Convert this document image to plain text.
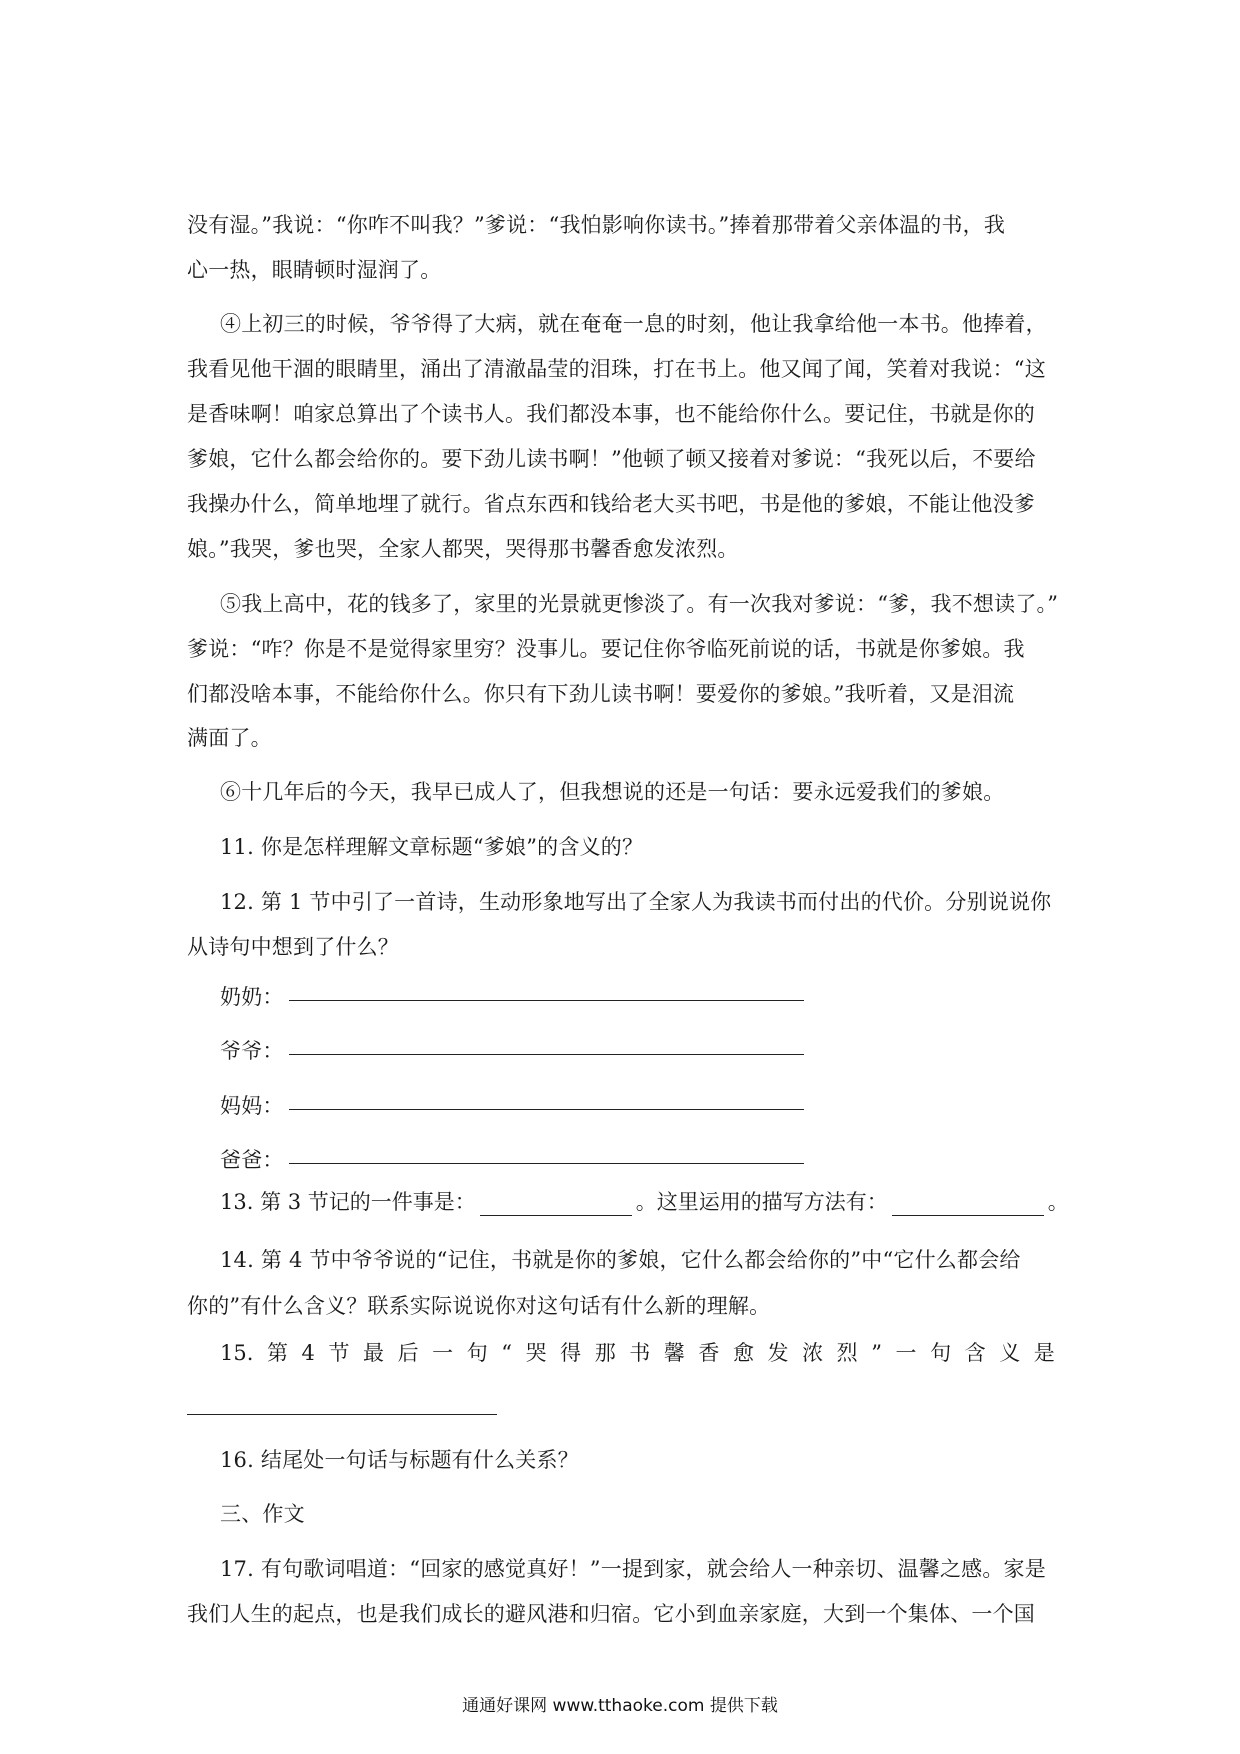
没有湿。”我说：“你咋不叫我？”爹说：“我怕影响你读书。”捧着那带着父亲体温的书，我
心一热，眼睛顿时湿润了。
④上初三的时候，爷爷得了大病，就在奄奄一息的时刻，他让我拿给他一本书。他捧着，
我看见他干涸的眼睛里，涌出了清澈晶莹的泪珠，打在书上。他又闻了闻，笑着对我说：“这
是香味啊！咱家总算出了个读书人。我们都没本事，也不能给你什么。要记住，书就是你的
爹娘，它什么都会给你的。要下劲儿读书啊！”他顿了顿又接着对爹说：“我死以后，不要给
我操办什么，简单地埋了就行。省点东西和钱给老大买书吧，书是他的爹娘，不能让他没爹
娘。”我哭，爹也哭，全家人都哭，哭得那书馨香愈发浓烈。
⑤我上高中，花的钱多了，家里的光景就更惨淡了。有一次我对爹说：“爹，我不想读了。”
爹说：“咋？你是不是觉得家里穷？没事儿。要记住你爷临死前说的话，书就是你爹娘。我
们都没啥本事，不能给你什么。你只有下劲儿读书啊！要爱你的爹娘。”我听着，又是泪流
满面了。
⑥十几年后的今天，我早已成人了，但我想说的还是一句话：要永远爱我们的爹娘。
11. 你是怎样理解文章标题“爹娘”的含义的？
12. 第 1 节中引了一首诗，生动形象地写出了全家人为我读书而付出的代价。分别说说你
从诗句中想到了什么？
奶奶：
爷爷：
妈妈：
爸爸：
13. 第 3 节记的一件事是：	。这里运用的描写方法有：	。
14. 第 4 节中爷爷说的“记住，书就是你的爹娘，它什么都会给你的”中“它什么都会给
你的”有什么含义？联系实际说说你对这句话有什么新的理解。
15. 第 4 节 最 后 一 句 “ 哭 得 那 书 馨 香 愈 发 浓 烈 ” 一 句 含 义 是
16. 结尾处一句话与标题有什么关系？
三、作文
17. 有句歌词唱道：“回家的感觉真好！”一提到家，就会给人一种亲切、温馨之感。家是
我们人生的起点，也是我们成长的避风港和归宿。它小到血亲家庭，大到一个集体、一个国
通通好课网 www.tthaoke.com 提供下载
